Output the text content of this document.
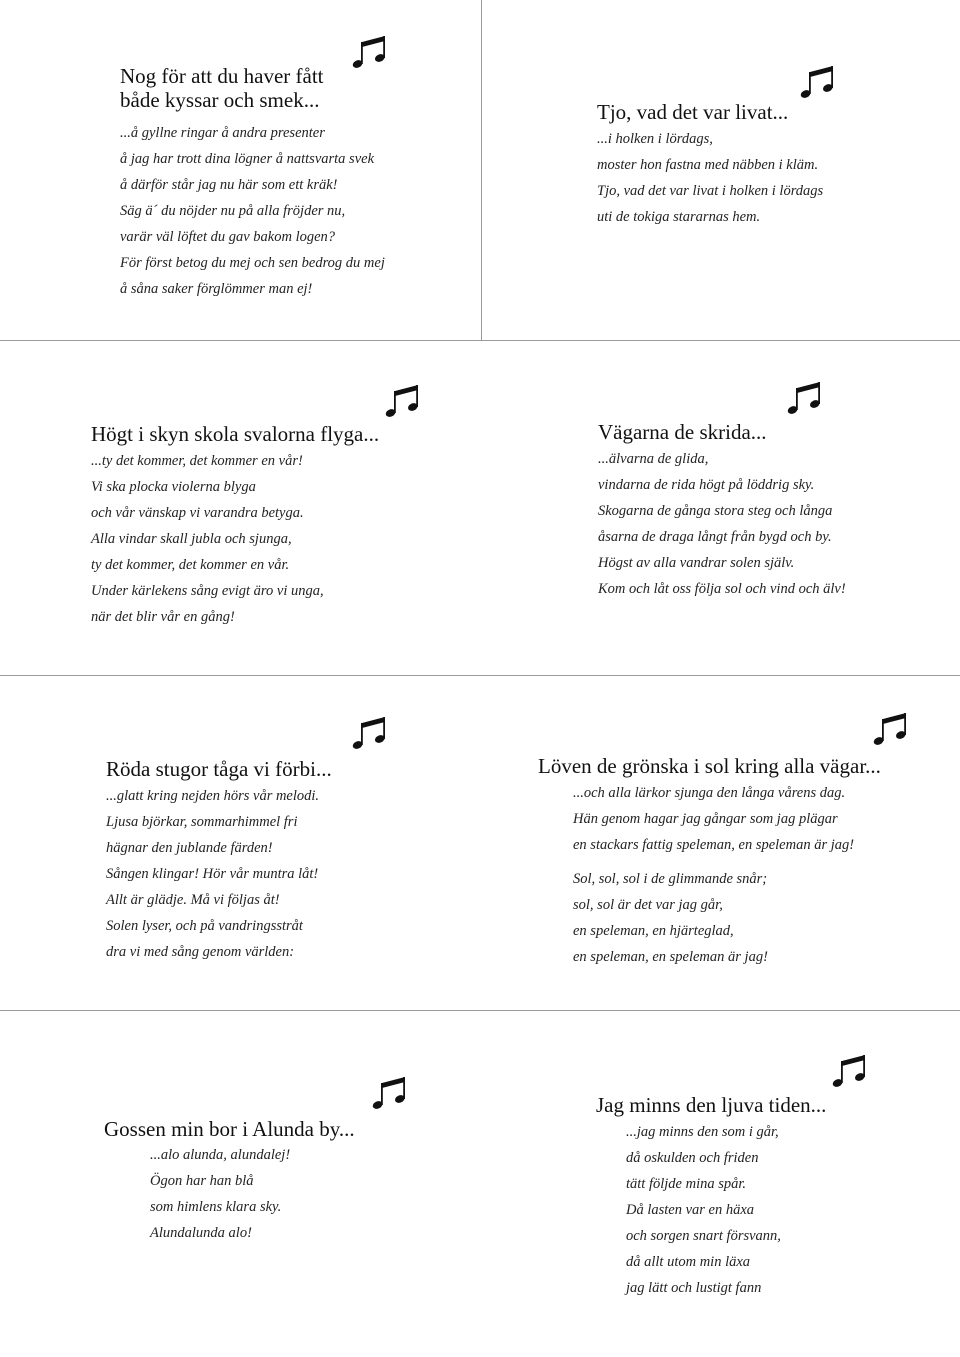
Nog för att du haver fått
både kyssar och smek...
...å gyllne ringar å andra presenter
å jag har trott dina lögner å nattsvarta svek
å därför står jag nu här som ett kräk!
Säg ä´ du nöjder nu på alla fröjder nu,
varär väl löftet du gav bakom logen?
För först betog du mej och sen bedrog du mej
å såna saker förglömmer man ej!
Tjo, vad det var livat...
...i holken i lördags,
moster hon fastna med näbben i kläm.
Tjo, vad det var livat i holken i lördags
uti de tokiga stararnas hem.
Högt i skyn skola svalorna flyga...
...ty det kommer, det kommer en vår!
Vi ska plocka violerna blyga
och vår vänskap vi varandra betyga.
Alla vindar skall jubla och sjunga,
ty det kommer, det kommer en vår.
Under kärlekens sång evigt äro vi unga,
när det blir vår en gång!
Vägarna de skrida...
...älvarna de glida,
vindarna de rida högt på löddrig sky.
Skogarna de gånga stora steg och långa
åsarna de draga långt från bygd och by.
Högst av alla vandrar solen själv.
Kom och låt oss följa sol och vind och älv!
Röda stugor tåga vi förbi...
...glatt kring nejden hörs vår melodi.
Ljusa björkar, sommarhimmel fri
hägnar den jublande färden!
Sången klingar! Hör vår muntra låt!
Allt är glädje. Må vi följas åt!
Solen lyser, och på vandringsstråt
dra vi med sång genom världen:
Löven de grönska i sol kring alla vägar...
...och alla lärkor sjunga den långa vårens dag.
Hän genom hagar jag gångar som jag plägar
en stackars fattig speleman, en speleman är jag!
Sol, sol, sol i de glimmande snår;
sol, sol är det var jag går,
en speleman, en hjärteglad,
en speleman, en speleman är jag!
Gossen min bor i Alunda by...
...alo alunda, alundalej!
Ögon har han blå
som himlens klara sky.
Alundalunda alo!
Jag minns den ljuva tiden...
...jag minns den som i går,
då oskulden och friden
tätt följde mina spår.
Då lasten var en häxa
och sorgen snart försvann,
då allt utom min läxa
jag lätt och lustigt fann
